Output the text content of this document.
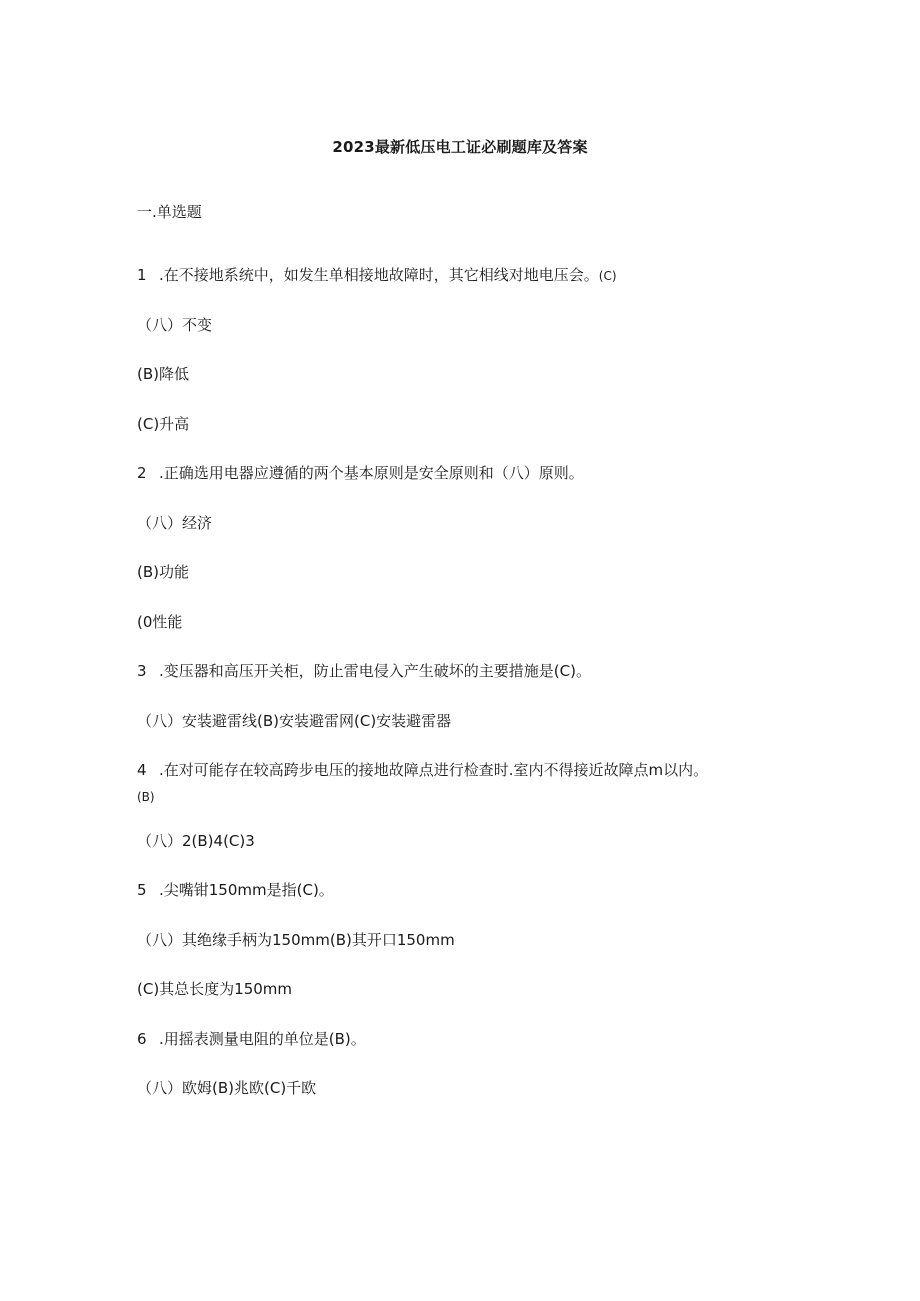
2023最新低压电工证必刷题库及答案
一.单选题
1 .在不接地系统中，如发生单相接地故障时，其它相线对地电压会。(C)
（八）不变
(B)降低
(C)升高
2 .正确选用电器应遵循的两个基本原则是安全原则和（八）原则。
（八）经济
(B)功能
(0性能
3 .变压器和高压开关柜，防止雷电侵入产生破坏的主要措施是(C)。
（八）安装避雷线(B)安装避雷网(C)安装避雷器
4 .在对可能存在较高跨步电压的接地故障点进行检查时.室内不得接近故障点m以内。
(B)
（八）2(B)4(C)3
5 .尖嘴钳150mm是指(C)。
（八）其绝缘手柄为150mm(B)其开口150mm
(C)其总长度为150mm
6 .用摇表测量电阻的单位是(B)。
（八）欧姆(B)兆欧(C)千欧
